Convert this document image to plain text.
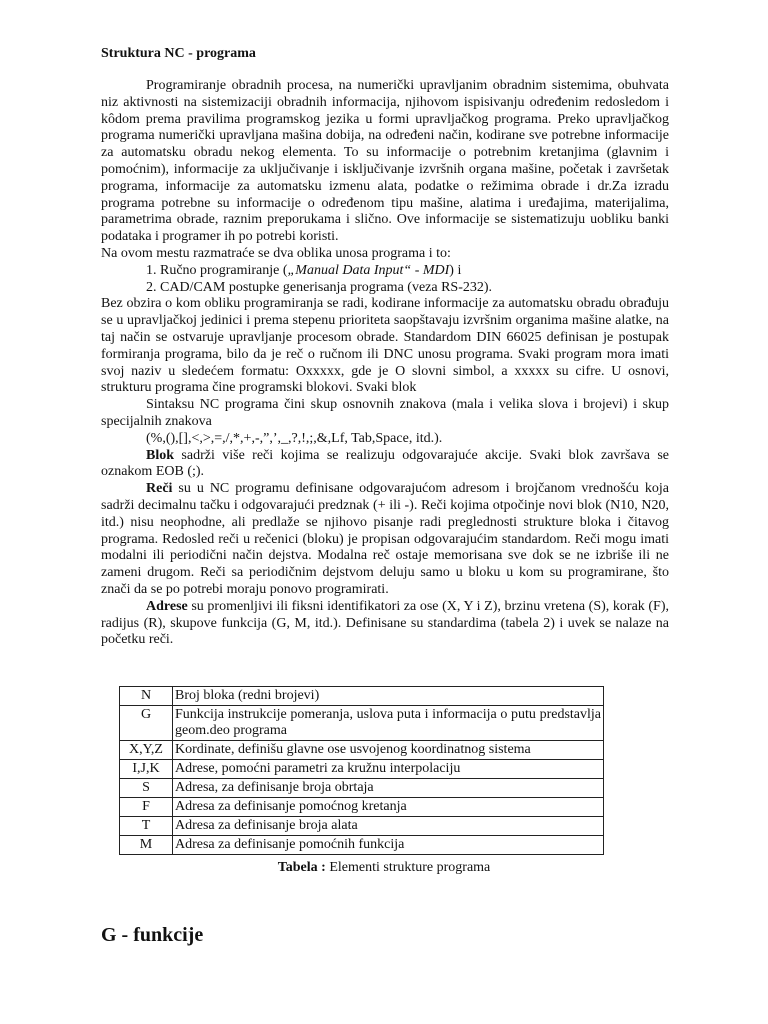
Struktura NC - programa

Programiranje obradnih procesa, na numerički upravljanim obradnim sistemima, obuhvata niz aktivnosti na sistemizaciji obradnih informacija, njihovom ispisivanju određenim redosledom i kôdom prema pravilima programskog jezika u formi upravljačkog programa. Preko upravljačkog programa numerički upravljana mašina dobija, na određeni način, kodirane sve potrebne informacije za automatsku obradu nekog elementa. To su informacije o potrebnim kretanjima (glavnim i pomoćnim), informacije za uključivanje i isključivanje izvršnih organa mašine, početak i završetak programa, informacije za automatsku izmenu alata, podatke o režimima obrade i dr.Za izradu programa potrebne su informacije o određenom tipu mašine, alatima i uređajima, materijalima, parametrima obrade, raznim preporukama i slično. Ove informacije se sistematizuju uobliku banki podataka i programer ih po potrebi koristi.

Na ovom mestu razmatraće se dva oblika unosa programa i to:

1. Ručno programiranje („Manual Data Input“ - MDI) i

2. CAD/CAM postupke generisanja programa (veza RS-232).

Bez obzira o kom obliku programiranja se radi, kodirane informacije za automatsku obradu obrađuju se u upravljačkoj jedinici i prema stepenu prioriteta saopštavaju izvršnim organima mašine alatke, na taj način se ostvaruje upravljanje procesom obrade. Standardom DIN 66025 definisan je postupak formiranja programa, bilo da je reč o ručnom ili DNC unosu programa. Svaki program mora imati svoj naziv u sledećem formatu: Oxxxxx, gde je O slovni simbol, a xxxxx su cifre. U osnovi, strukturu programa čine programski blokovi. Svaki blok

Sintaksu NC programa čini skup osnovnih znakova (mala i velika slova i brojevi) i skup specijalnih znakova

(%,(),[],<,>,=,/,*,+,-,”,’,_,?,!,;,&,Lf, Tab,Space, itd.).

Blok sadrži više reči kojima se realizuju odgovarajuće akcije. Svaki blok završava se oznakom EOB (;).

Reči su u NC programu definisane odgovarajućom adresom i brojčanom vrednošću koja sadrži decimalnu tačku i odgovarajući predznak (+ ili -). Reči kojima otpočinje novi blok (N10, N20, itd.) nisu neophodne, ali predlaže se njihovo pisanje radi preglednosti strukture bloka i čitavog programa. Redosled reči u rečenici (bloku) je propisan odgovarajućim standardom. Reči mogu imati modalni ili periodični način dejstva. Modalna reč ostaje memorisana sve dok se ne izbriše ili ne zameni drugom. Reči sa periodičnim dejstvom deluju samo u bloku u kom su programirane, što znači da se po potrebi moraju ponovo programirati.

Adrese su promenljivi ili fiksni identifikatori za ose (X, Y i Z), brzinu vretena (S), korak (F), radijus (R), skupove funkcija (G, M, itd.). Definisane su standardima (tabela 2) i uvek se nalaze na početku reči.

N	Broj bloka (redni brojevi)
G	Funkcija instrukcije pomeranja, uslova puta i informacija o putu predstavlja geom.deo programa
X,Y,Z	Kordinate, definišu glavne ose usvojenog koordinatnog sistema
I,J,K	Adrese, pomoćni parametri za kružnu interpolaciju
S	Adresa, za definisanje broja obrtaja
F	Adresa za definisanje pomoćnog kretanja
T	Adresa za definisanje broja alata
M	Adresa za definisanje pomoćnih funkcija
Tabela : Elementi strukture programa
G - funkcije
